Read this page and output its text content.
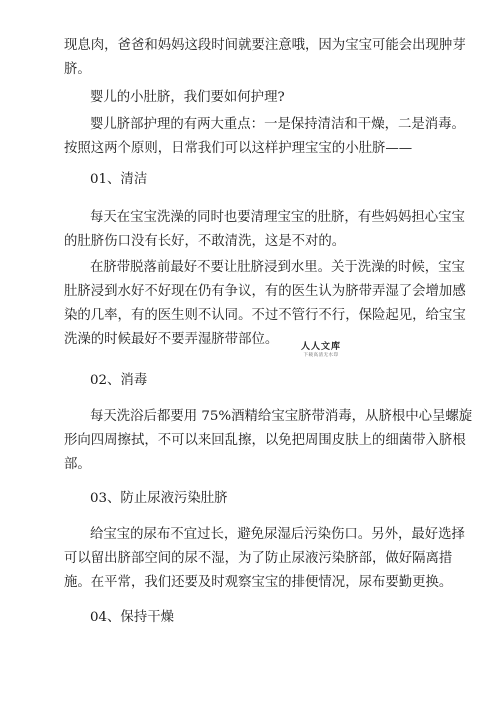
现息肉，爸爸和妈妈这段时间就要注意哦，因为宝宝可能会出现肿芽
脐。

婴儿的小肚脐，我们要如何护理?

婴儿脐部护理的有两大重点：一是保持清洁和干燥，二是消毒。
按照这两个原则，日常我们可以这样护理宝宝的小肚脐——

01、清洁

每天在宝宝洗澡的同时也要清理宝宝的肚脐，有些妈妈担心宝宝
的肚脐伤口没有长好，不敢清洗，这是不对的。

在脐带脱落前最好不要让肚脐浸到水里。关于洗澡的时候，宝宝
肚脐浸到水好不好现在仍有争议，有的医生认为脐带弄湿了会增加感
染的几率，有的医生则不认同。不过不管行不行，保险起见，给宝宝
洗澡的时候最好不要弄湿脐带部位。	人人文库
下载高清无水印

02、消毒

每天洗浴后都要用 75%酒精给宝宝脐带消毒，从脐根中心呈螺旋
形向四周擦拭，不可以来回乱擦，以免把周围皮肤上的细菌带入脐根
部。

03、防止尿液污染肚脐

给宝宝的尿布不宜过长，避免尿湿后污染伤口。另外，最好选择
可以留出脐部空间的尿不湿，为了防止尿液污染脐部，做好隔离措
施。在平常，我们还要及时观察宝宝的排便情况，尿布要勤更换。

04、保持干燥
